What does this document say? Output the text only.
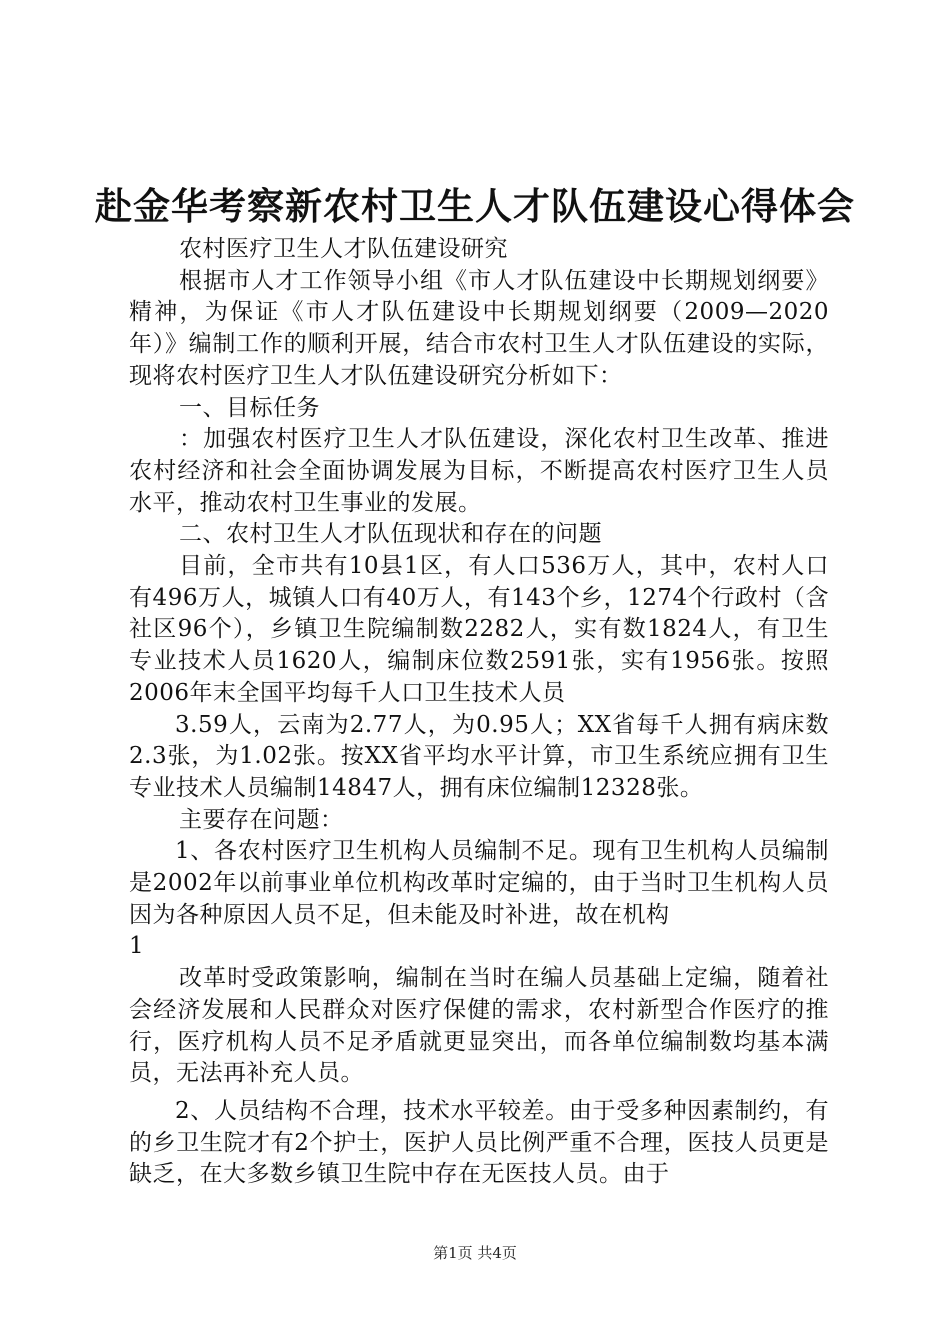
赴金华考察新农村卫生人才队伍建设心得体会

农村医疗卫生人才队伍建设研究

根据市人才工作领导小组《市人才队伍建设中长期规划纲要》精神，为保证《市人才队伍建设中长期规划纲要（2009—2020年）》编制工作的顺利开展，结合市农村卫生人才队伍建设的实际，现将农村医疗卫生人才队伍建设研究分析如下：

一、目标任务

：加强农村医疗卫生人才队伍建设，深化农村卫生改革、推进农村经济和社会全面协调发展为目标，不断提高农村医疗卫生人员水平，推动农村卫生事业的发展。

二、农村卫生人才队伍现状和存在的问题

目前，全市共有10县1区，有人口536万人，其中，农村人口有496万人，城镇人口有40万人，有143个乡，1274个行政村（含社区96个），乡镇卫生院编制数2282人，实有数1824人，有卫生专业技术人员1620人，编制床位数2591张，实有1956张。按照2006年末全国平均每千人口卫生技术人员

3.59人，云南为2.77人，为0.95人；XX省每千人拥有病床数2.3张，为1.02张。按XX省平均水平计算，市卫生系统应拥有卫生专业技术人员编制14847人，拥有床位编制12328张。

主要存在问题：

1、各农村医疗卫生机构人员编制不足。现有卫生机构人员编制是2002年以前事业单位机构改革时定编的，由于当时卫生机构人员因为各种原因人员不足，但未能及时补进，故在机构

1

改革时受政策影响，编制在当时在编人员基础上定编，随着社会经济发展和人民群众对医疗保健的需求，农村新型合作医疗的推行，医疗机构人员不足矛盾就更显突出，而各单位编制数均基本满员，无法再补充人员。

2、人员结构不合理，技术水平较差。由于受多种因素制约，有的乡卫生院才有2个护士，医护人员比例严重不合理，医技人员更是缺乏，在大多数乡镇卫生院中存在无医技人员。由于

第1页 共4页
